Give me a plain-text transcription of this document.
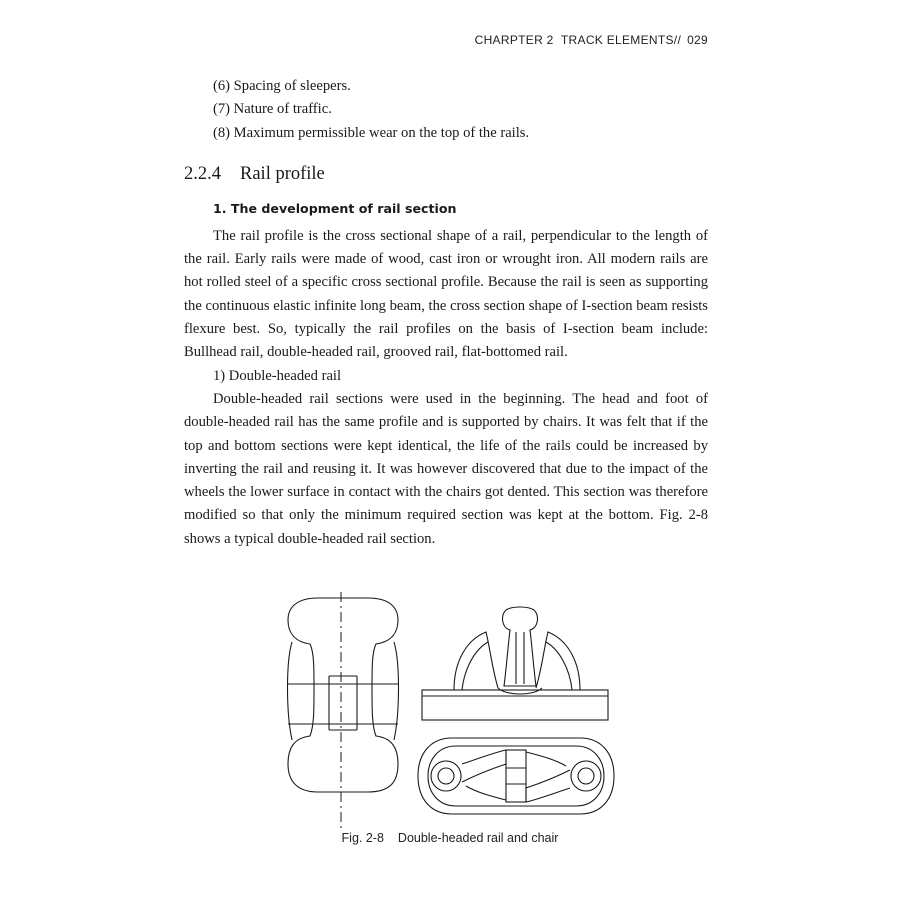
CHARPTER 2 TRACK ELEMENTS// 029
(6) Spacing of sleepers.
(7) Nature of traffic.
(8) Maximum permissible wear on the top of the rails.
2.2.4 Rail profile
1. The development of rail section

The rail profile is the cross sectional shape of a rail, perpendicular to the length of the rail. Early rails were made of wood, cast iron or wrought iron. All modern rails are hot rolled steel of a specific cross sectional profile. Because the rail is seen as supporting the continuous elastic infinite long beam, the cross section shape of I-section beam resists flexure best. So, typically the rail profiles on the basis of I-section beam include: Bullhead rail, double-headed rail, grooved rail, flat-bottomed rail.

1) Double-headed rail

Double-headed rail sections were used in the beginning. The head and foot of double-headed rail has the same profile and is supported by chairs. It was felt that if the top and bottom sections were kept identical, the life of the rails could be increased by inverting the rail and reusing it. It was however discovered that due to the impact of the wheels the lower surface in contact with the chairs got dented. This section was therefore modified so that only the minimum required section was kept at the bottom. Fig. 2-8 shows a typical double-headed rail section.

Fig. 2-8 Double-headed rail and chair
